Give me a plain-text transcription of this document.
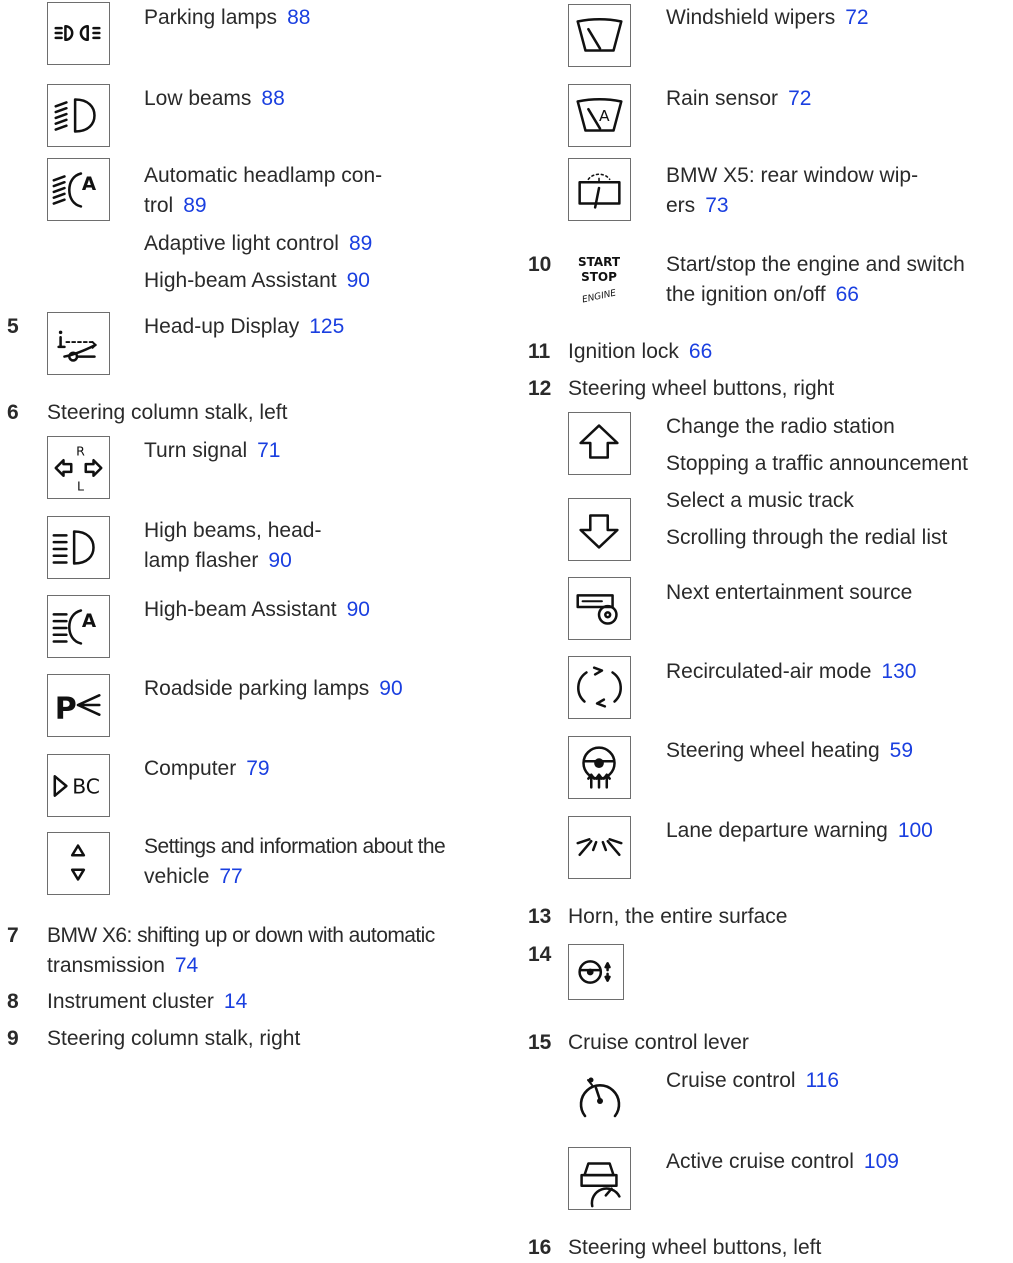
Parking lamps 88
Low beams 88
A Automatic headlamp con-
trol 89
Adaptive light control 89
High-beam Assistant 90
5	Head-up Display 125
6 Steering column stalk, left
R
L
Turn signal 71
High beams, head-
lamp flasher 90
A
High-beam Assistant 90
P
Roadside parking lamps 90
BC
Computer 79
Settings and information about the
vehicle 77
7 BMW X6: shifting up or down with automatic
transmission 74
8 Instrument cluster 14
9 Steering column stalk, right
Windshield wipers 72
A
Rain sensor 72
BMW X5: rear window wip-
ers 73
10 START
STOP
ENGINE
Start/stop the engine and switch
the ignition on/off 66
11 Ignition lock 66
12 Steering wheel buttons, right
Change the radio station
Stopping a traffic announcement
Select a music track
Scrolling through the redial list
Next entertainment source
Recirculated-air mode 130
Steering wheel heating 59
Lane departure warning 100
13 Horn, the entire surface
14
15 Cruise control lever
Cruise control 116
Active cruise control 109
16 Steering wheel buttons, left
